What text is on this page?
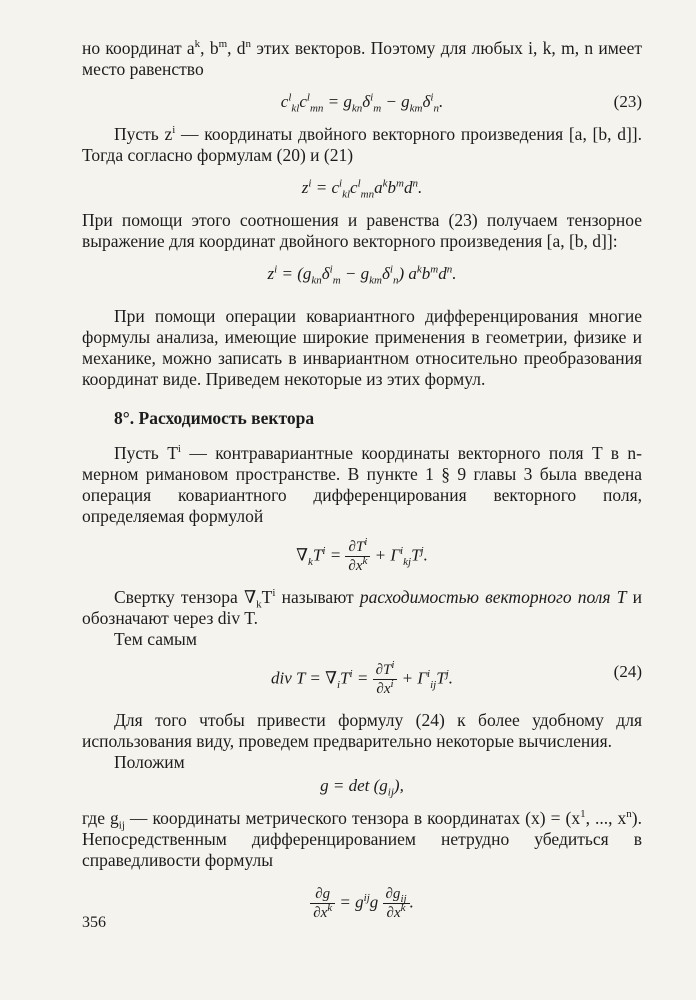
но координат $a^k$, $b^m$, $d^n$ этих векторов. Поэтому для любых i, k, m, n имеет место равенство

$c^l_{kl}c^l_{mn} = g_{kn}\delta^i_m - g_{km}\delta^i_n$.	(23)

Пусть $z^i$ — координаты двойного векторного произведения [a, [b, d]]. Тогда согласно формулам (20) и (21)

$z^i = c^i_{kl}c^l_{mn}a^kb^md^n$.

При помощи этого соотношения и равенства (23) получаем тензорное выражение для координат двойного векторного произведения [a, [b, d]]:

$z^i = (g_{kn}\delta^i_m - g_{km}\delta^i_n)$ $a^kb^md^n$.

При помощи операции ковариантного дифференцирования многие формулы анализа, имеющие широкие применения в геометрии, физике и механике, можно записать в инвариантном относительно преобразования координат виде. Приведем некоторые из этих формул.

8°. Расходимость вектора

Пусть $T^i$ — контравариантные координаты векторного поля T в n-мерном римановом пространстве. В пункте 1 § 9 главы 3 была введена операция ковариантного дифференцирования векторного поля, определяемая формулой

$\nabla_kT^i = \frac{\partial T^i}{\partial x^k} + \Gamma^i_{kj}T^j$.

Свертку тензора $\nabla_kT^i$ называют расходимостью векторного поля T и обозначают через div T.

Тем самым

div $T = \nabla_iT^i = \frac{\partial T^i}{\partial x^i} + \Gamma^i_{ij}T^j$.	(24)

Для того чтобы привести формулу (24) к более удобному для использования виду, проведем предварительно некоторые вычисления.

Положим

$g = \det (g_{ij})$,

где $g_{ij}$ — координаты метрического тензора в координатах $(x) = (x^1$, ..., $x^n$). Непосредственным дифференцированием нетрудно убедиться в справедливости формулы

$\frac{\partial g}{\partial x^k} = g^{ij}g \frac{\partial g_{ij}}{\partial x^k}$ .
356
